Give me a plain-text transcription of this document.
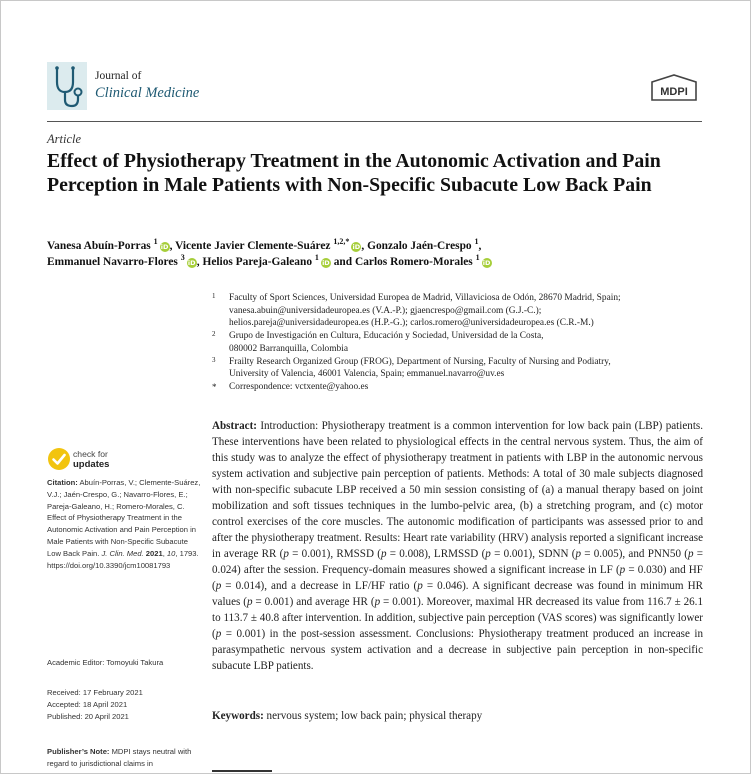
Journal of
Clinical Medicine	MDPI
Article
Effect of Physiotherapy Treatment in the Autonomic Activation and Pain Perception in Male Patients with Non-Specific Subacute Low Back Pain
Vanesa Abuín-Porras $^1$iD, Vicente Javier Clemente-Suárez $^{1,2,*}$iD, Gonzalo Jaén-Crespo $^1$,
Emmanuel Navarro-Flores $^3$iD, Helios Pareja-Galeano $^1$iD and Carlos Romero-Morales $^1$iD
1 Faculty of Sport Sciences, Universidad Europea de Madrid, Villaviciosa de Odón, 28670 Madrid, Spain;
vanesa.abuin@universidadeuropea.es (V.A.-P.); gjaencrespo@gmail.com (G.J.-C.);
helios.pareja@universidadeuropea.es (H.P.-G.); carlos.romero@universidadeuropea.es (C.R.-M.)
2 Grupo de Investigación en Cultura, Educación y Sociedad, Universidad de la Costa,
080002 Barranquilla, Colombia
3 Frailty Research Organized Group (FROG), Department of Nursing, Faculty of Nursing and Podiatry,
University of Valencia, 46001 Valencia, Spain; emmanuel.navarro@uv.es
* Correspondence: vctxente@yahoo.es
Abstract: Introduction: Physiotherapy treatment is a common intervention for low back pain (LBP) patients. These interventions have been related to physiological effects in the central nervous system. Thus, the aim of this study was to analyze the effect of physiotherapy treatment in patients with LBP in the autonomic nervous system activation and subjective pain perception of patients. Methods: A total of 30 male subjects diagnosed with non-specific subacute LBP received a 50 min session consisting of (a) a manual therapy based on joint mobilization and soft tissues techniques in the lumbo-pelvic area, (b) a stretching program, and (c) motor control exercises of the core muscles. The autonomic modification of participants was assessed prior to and after the physiotherapy treatment. Results: Heart rate variability (HRV) analysis reported a significant increase in average RR (p = 0.001), RMSSD (p = 0.008), LRMSSD (p = 0.001), SDNN (p = 0.005), and PNN50 (p = 0.024) after the session. Frequency-domain measures showed a significant increase in LF (p = 0.030) and HF (p = 0.014), and a decrease in LF/HF ratio (p = 0.046). A significant decrease was found in minimum HR values (p = 0.001) and average HR (p = 0.001). Moreover, maximal HR decreased its value from 116.7 ± 26.1 to 113.7 ± 40.8 after intervention. In addition, subjective pain perception (VAS scores) was significantly lower (p = 0.001) in the post-session assessment. Conclusions: Physiotherapy treatment produced an increase in parasympathetic nervous system activation and a decrease in subjective pain perception in non-specific subacute LBP patients.
Keywords: nervous system; low back pain; physical therapy
check for
updates
Citation: Abuín-Porras, V.; Clemente-Suárez, V.J.; Jaén-Crespo, G.; Navarro-Flores, E.; Pareja-Galeano, H.; Romero-Morales, C. Effect of Physiotherapy Treatment in the Autonomic Activation and Pain Perception in Male Patients with Non-Specific Subacute Low Back Pain. J. Clin. Med. 2021, 10, 1793. https://doi.org/10.3390/jcm10081793
Academic Editor: Tomoyuki Takura
Received: 17 February 2021
Accepted: 18 April 2021
Published: 20 April 2021
Publisher’s Note: MDPI stays neutral with regard to jurisdictional claims in
